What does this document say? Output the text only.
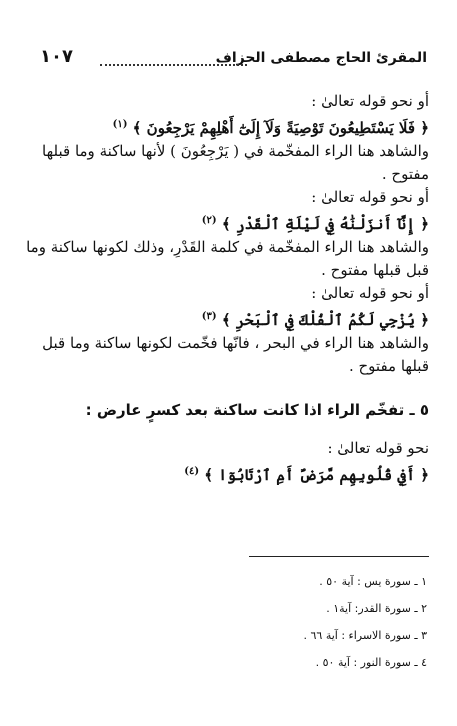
المقرئ الحاج مصطفى الحزاف
١٠٧

أو نحو قوله تعالىٰ :

﴿ فَلَا يَسْتَطِيعُونَ تَوْصِيَةً وَلَآ إِلَىٰٓ أَهْلِهِمْ يَرْجِعُونَ ﴾ $^{(١)}$

والشاهد هنا الراء المفخّمة في ( يَرْجِعُونَ ) لأنها ساكنة وما قبلها

مفتوح .

أو نحو قوله تعالىٰ :

﴿ إِنَّآ أَنزَلْنَٰهُ فِي لَيْلَةِ ٱلْقَدْرِ ﴾ $^{(٢)}$

والشاهد هنا الراء المفخّمة في كلمة القَدْرِ، وذلك لكونها ساكنة وما

قبل قبلها مفتوح .

أو نحو قوله تعالىٰ :

﴿ يُزْجِي لَكُمُ ٱلْفُلْكَ فِي ٱلْبَحْرِ ﴾ $^{(٣)}$

والشاهد هنا الراء في البحر ، فانّها فخّمت لكونها ساكنة وما قبل

قبلها مفتوح .

٥ ـ تفخّم الراء اذا كانت ساكنة بعد كسرٍ عارض :

نحو قوله تعالىٰ :

﴿ أَفِي قُلُوبِهِم مَّرَضٌ أَمِ ٱرْتَابُوٓا ﴾ $^{(٤)}$

١ ـ سورة يس : آية ٥٠ .
٢ ـ سورة القدر: آية١ .
٣ ـ سورة الاسراء : آية ٦٦ .
٤ ـ سورة النور : آية ٥٠ .
